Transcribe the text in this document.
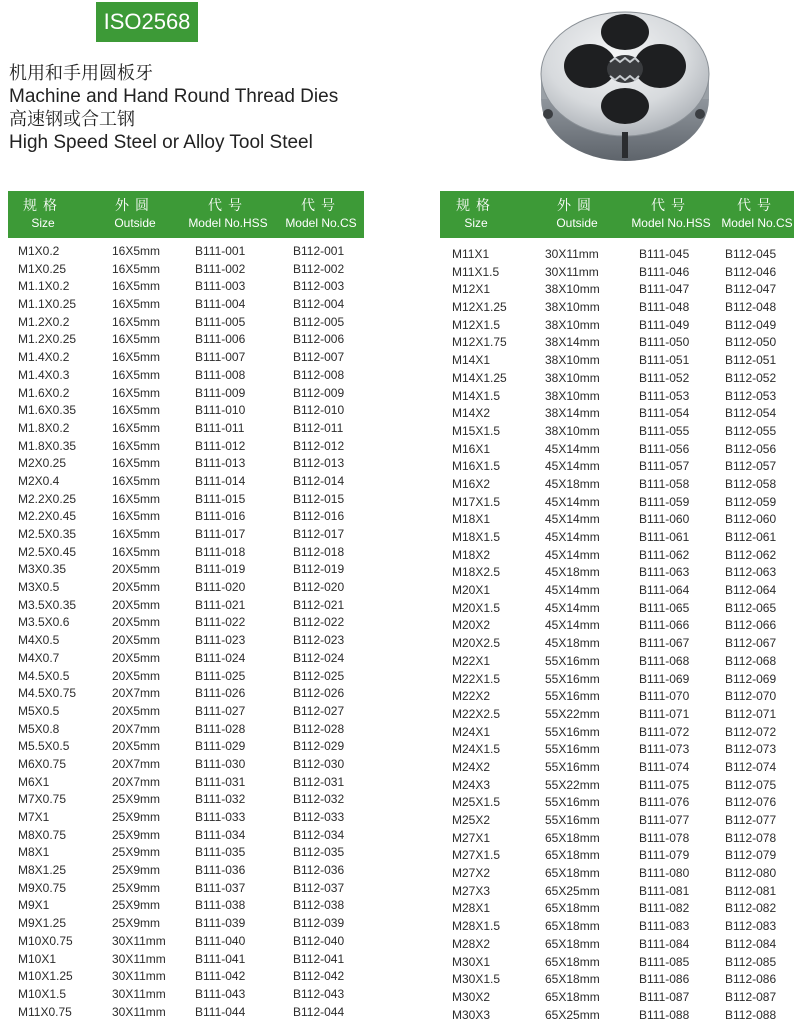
ISO2568
机用和手用圆板牙
Machine and Hand Round Thread Dies
高速钢或合工钢
High Speed Steel or Alloy Tool Steel
规格
Size
外圆
Outside
代号
Model No.HSS
代号
Model No.CS
M1X0.2	16X5mm	B111-001	B112-001
M1X0.25	16X5mm	B111-002	B112-002
M1.1X0.2	16X5mm	B111-003	B112-003
M1.1X0.25	16X5mm	B111-004	B112-004
M1.2X0.2	16X5mm	B111-005	B112-005
M1.2X0.25	16X5mm	B111-006	B112-006
M1.4X0.2	16X5mm	B111-007	B112-007
M1.4X0.3	16X5mm	B111-008	B112-008
M1.6X0.2	16X5mm	B111-009	B112-009
M1.6X0.35	16X5mm	B111-010	B112-010
M1.8X0.2	16X5mm	B111-011	B112-011
M1.8X0.35	16X5mm	B111-012	B112-012
M2X0.25	16X5mm	B111-013	B112-013
M2X0.4	16X5mm	B111-014	B112-014
M2.2X0.25	16X5mm	B111-015	B112-015
M2.2X0.45	16X5mm	B111-016	B112-016
M2.5X0.35	16X5mm	B111-017	B112-017
M2.5X0.45	16X5mm	B111-018	B112-018
M3X0.35	20X5mm	B111-019	B112-019
M3X0.5	20X5mm	B111-020	B112-020
M3.5X0.35	20X5mm	B111-021	B112-021
M3.5X0.6	20X5mm	B111-022	B112-022
M4X0.5	20X5mm	B111-023	B112-023
M4X0.7	20X5mm	B111-024	B112-024
M4.5X0.5	20X5mm	B111-025	B112-025
M4.5X0.75	20X7mm	B111-026	B112-026
M5X0.5	20X5mm	B111-027	B112-027
M5X0.8	20X7mm	B111-028	B112-028
M5.5X0.5	20X5mm	B111-029	B112-029
M6X0.75	20X7mm	B111-030	B112-030
M6X1	20X7mm	B111-031	B112-031
M7X0.75	25X9mm	B111-032	B112-032
M7X1	25X9mm	B111-033	B112-033
M8X0.75	25X9mm	B111-034	B112-034
M8X1	25X9mm	B111-035	B112-035
M8X1.25	25X9mm	B111-036	B112-036
M9X0.75	25X9mm	B111-037	B112-037
M9X1	25X9mm	B111-038	B112-038
M9X1.25	25X9mm	B111-039	B112-039
M10X0.75	30X11mm B111-040	B112-040
M10X1	30X11mm B111-041	B112-041
M10X1.25	30X11mm B111-042	B112-042
M10X1.5	30X11mm B111-043	B112-043
M11X0.75	30X11mm B111-044	B112-044
规格
Size
外圆
Outside
代号
Model No.HSS
代号
Model No.CS
M11X1	30X11mm	B111-045	B112-045
M11X1.5	30X11mm	B111-046	B112-046
M12X1	38X10mm	B111-047	B112-047
M12X1.25	38X10mm	B111-048	B112-048
M12X1.5	38X10mm	B111-049	B112-049
M12X1.75	38X14mm	B111-050	B112-050
M14X1	38X10mm	B111-051	B112-051
M14X1.25	38X10mm	B111-052	B112-052
M14X1.5	38X10mm	B111-053	B112-053
M14X2	38X14mm	B111-054	B112-054
M15X1.5	38X10mm	B111-055	B112-055
M16X1	45X14mm	B111-056	B112-056
M16X1.5	45X14mm	B111-057	B112-057
M16X2	45X18mm	B111-058	B112-058
M17X1.5	45X14mm	B111-059	B112-059
M18X1	45X14mm	B111-060	B112-060
M18X1.5	45X14mm	B111-061	B112-061
M18X2	45X14mm	B111-062	B112-062
M18X2.5	45X18mm	B111-063	B112-063
M20X1	45X14mm	B111-064	B112-064
M20X1.5	45X14mm	B111-065	B112-065
M20X2	45X14mm	B111-066	B112-066
M20X2.5	45X18mm	B111-067	B112-067
M22X1	55X16mm	B111-068	B112-068
M22X1.5	55X16mm	B111-069	B112-069
M22X2	55X16mm	B111-070	B112-070
M22X2.5	55X22mm	B111-071	B112-071
M24X1	55X16mm	B111-072	B112-072
M24X1.5	55X16mm	B111-073	B112-073
M24X2	55X16mm	B111-074	B112-074
M24X3	55X22mm	B111-075	B112-075
M25X1.5	55X16mm	B111-076	B112-076
M25X2	55X16mm	B111-077	B112-077
M27X1	65X18mm	B111-078	B112-078
M27X1.5	65X18mm	B111-079	B112-079
M27X2	65X18mm	B111-080	B112-080
M27X3	65X25mm	B111-081	B112-081
M28X1	65X18mm	B111-082	B112-082
M28X1.5	65X18mm	B111-083	B112-083
M28X2	65X18mm	B111-084	B112-084
M30X1	65X18mm	B111-085	B112-085
M30X1.5	65X18mm	B111-086	B112-086
M30X2	65X18mm	B111-087	B112-087
M30X3	65X25mm	B111-088	B112-088
